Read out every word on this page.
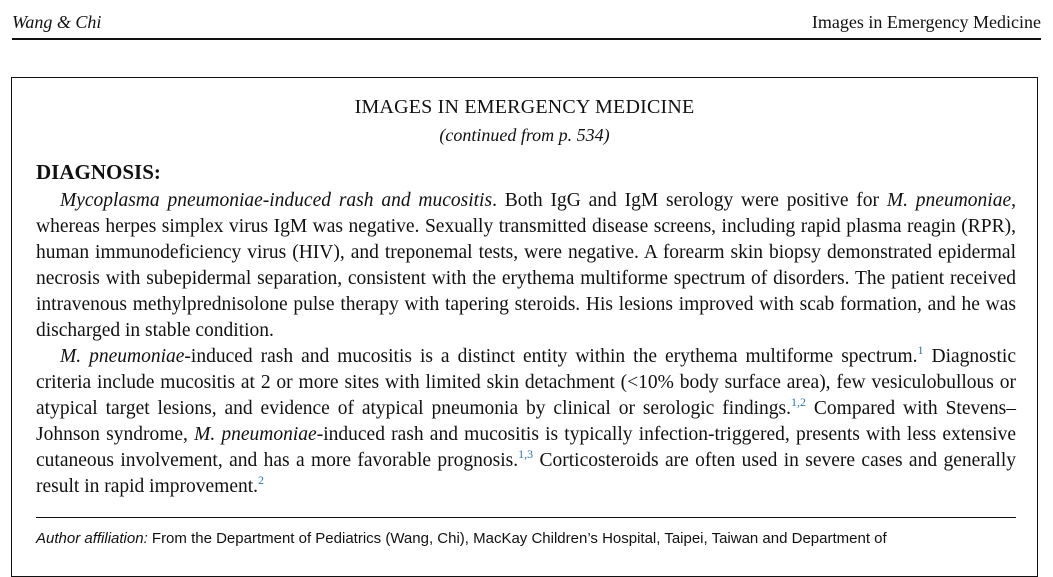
Wang & Chi	Images in Emergency Medicine
IMAGES IN EMERGENCY MEDICINE
(continued from p. 534)
DIAGNOSIS:

Mycoplasma pneumoniae-induced rash and mucositis. Both IgG and IgM serology were positive for M. pneumoniae, whereas herpes simplex virus IgM was negative. Sexually transmitted disease screens, including rapid plasma reagin (RPR), human immunodeficiency virus (HIV), and treponemal tests, were negative. A forearm skin biopsy demonstrated epidermal necrosis with subepidermal separation, consistent with the erythema multiforme spectrum of disorders. The patient received intravenous methylprednisolone pulse therapy with tapering steroids. His lesions improved with scab formation, and he was discharged in stable condition.

M. pneumoniae-induced rash and mucositis is a distinct entity within the erythema multiforme spectrum.$^1$ Diagnostic criteria include mucositis at 2 or more sites with limited skin detachment (<10% body surface area), few vesiculobullous or atypical target lesions, and evidence of atypical pneumonia by clinical or serologic findings.$^{1,2}$ Compared with Stevens–Johnson syndrome, M. pneumoniae-induced rash and mucositis is typically infection-triggered, presents with less extensive cutaneous involvement, and has a more favorable prognosis.$^{1,3}$ Corticosteroids are often used in severe cases and generally result in rapid improvement.$^2$

Author affiliation: From the Department of Pediatrics (Wang, Chi), MacKay Children’s Hospital, Taipei, Taiwan and Department of
